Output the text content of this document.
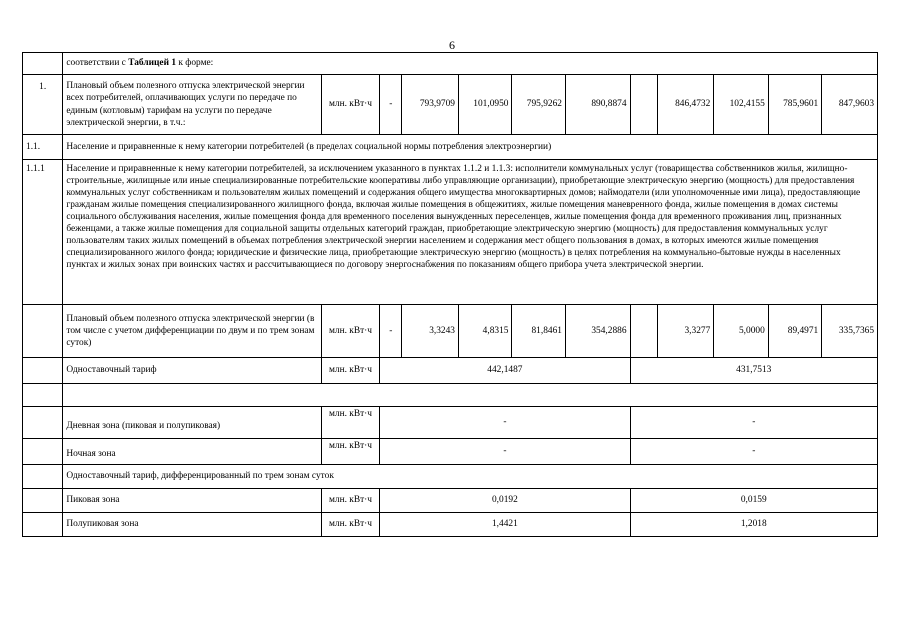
6
	соответствии с Таблицей 1 к форме:											
1.	Плановый объем полезного отпуска электрической энергии всех потребителей, оплачивающих услуги по передаче по единым (котловым) тарифам на услуги по передаче электрической энергии, в т.ч.:	млн. кВт·ч	-	793,9709	101,0950	795,9262	890,8874		846,4732	102,4155	785,9601	847,9603
1.1.	Население и приравненные к нему категории потребителей (в пределах социальной нормы потребления электроэнергии)											
1.1.1	Население и приравненные к нему категории потребителей, за исключением указанного в пунктах 1.1.2 и 1.1.3: исполнители коммунальных услуг (товарищества собственников жилья, жилищно-строительные, жилищные или иные специализированные потребительские кооперативы либо управляющие организации), приобретающие электрическую энергию (мощность) для предоставления коммунальных услуг собственникам и пользователям жилых помещений и содержания общего имущества многоквартирных домов; наймодатели (или уполномоченные ими лица), предоставляющие гражданам жилые помещения специализированного жилищного фонда, включая жилые помещения в общежитиях, жилые помещения маневренного фонда, жилые помещения в домах системы социального обслуживания населения, жилые помещения фонда для временного поселения вынужденных переселенцев, жилые помещения фонда для временного проживания лиц, признанных беженцами, а также жилые помещения для социальной защиты отдельных категорий граждан, приобретающие электрическую энергию (мощность) для предоставления коммунальных услуг пользователям таких жилых помещений в объемах потребления электрической энергии населением и содержания мест общего пользования в домах, в которых имеются жилые помещения специализированного жилого фонда; юридические и физические лица, приобретающие электрическую энергию (мощность) в целях потребления на коммунально-бытовые нужды в населенных пунктах и жилых зонах при воинских частях и рассчитывающиеся по договору энергоснабжения по показаниям общего прибора учета электрической энергии.											
	Плановый объем полезного отпуска электрической энергии (в том числе с учетом дифференциации по двум и по трем зонам суток)	млн. кВт·ч	-	3,3243	4,8315	81,8461	354,2886		3,3277	5,0000	89,4971	335,7365
	Одноставочный тариф	млн. кВт·ч	442,1487					431,7513				

	Дневная зона (пиковая и полупиковая)	млн. кВт·ч	-					-				
	Ночная зона	млн. кВт·ч	-					-				
	Одноставочный тариф, дифференцированный по трем зонам суток											
	Пиковая зона	млн. кВт·ч	0,0192					0,0159				
	Полупиковая зона	млн. кВт·ч	1,4421					1,2018				
